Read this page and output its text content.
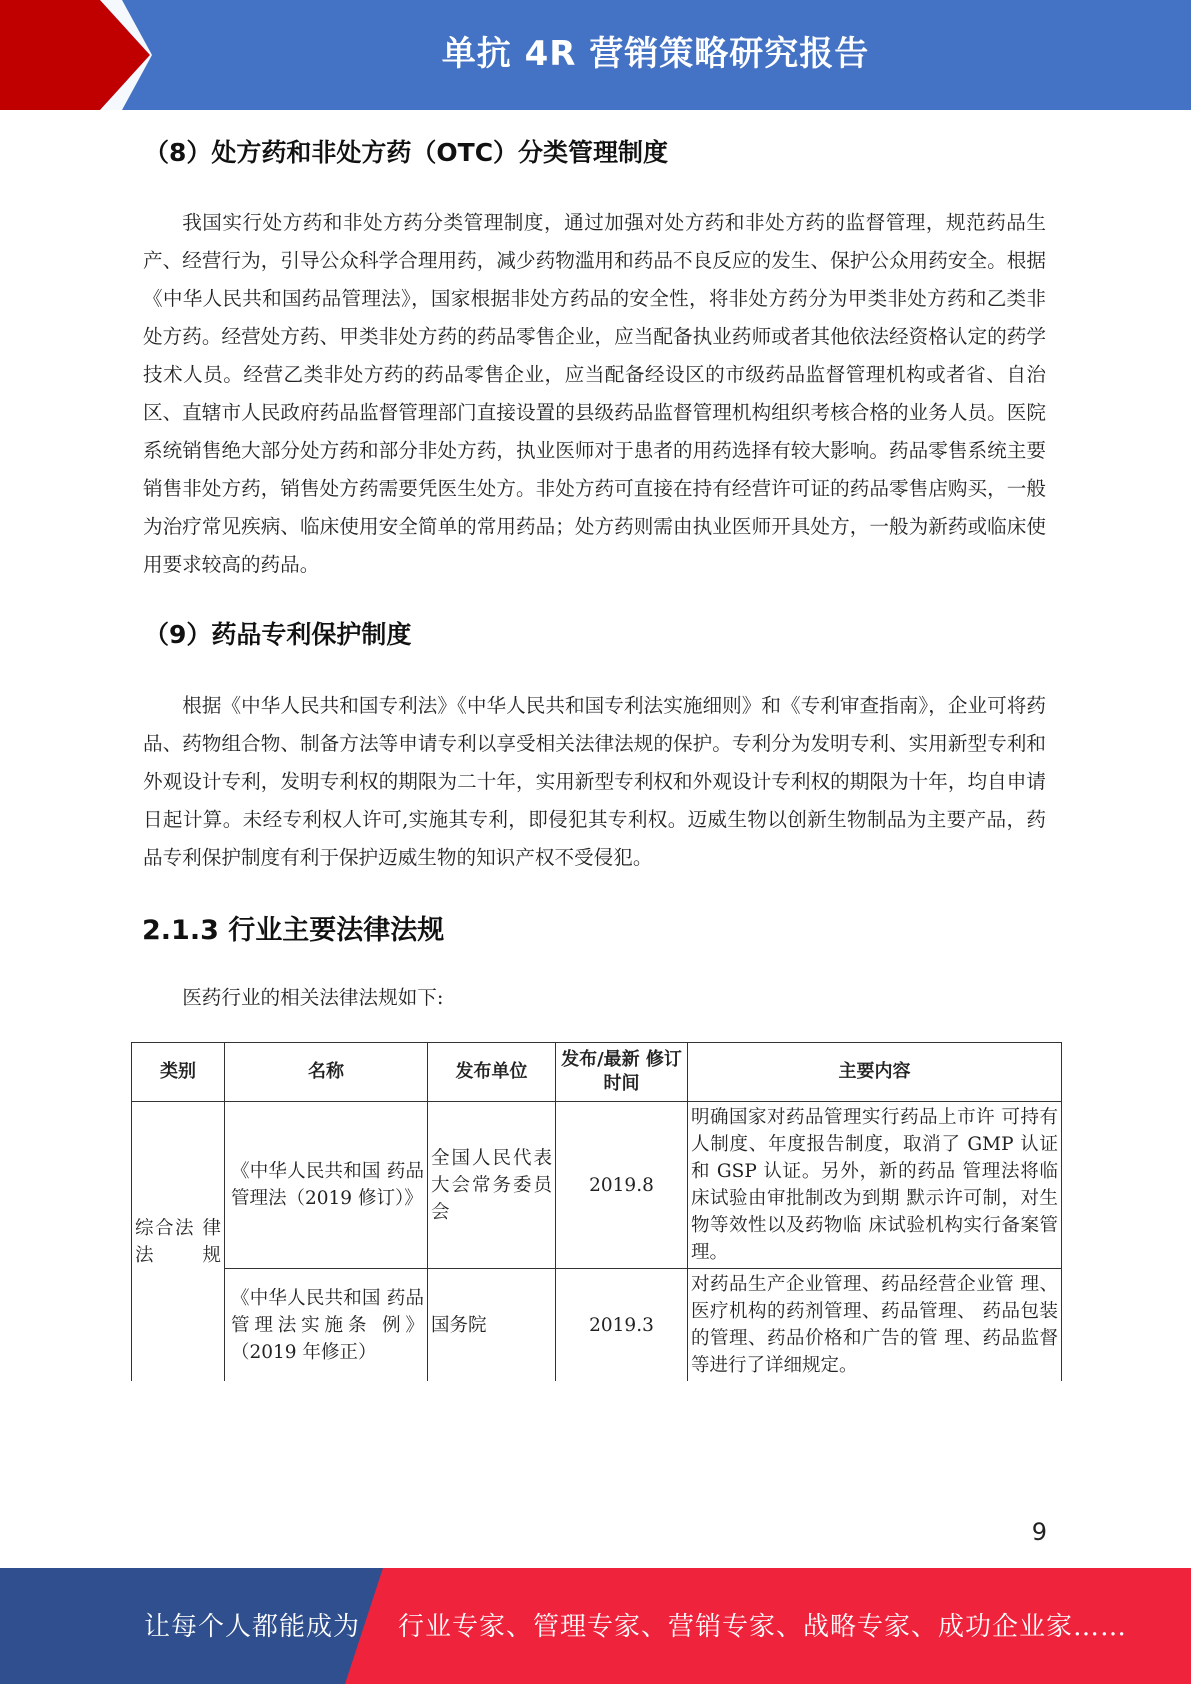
单抗 4R 营销策略研究报告
（8）处方药和非处方药（OTC）分类管理制度
我国实行处方药和非处方药分类管理制度，通过加强对处方药和非处方药的监督管理，规范药品生产、经营行为，引导公众科学合理用药，减少药物滥用和药品不良反应的发生、保护公众用药安全。根据《中华人民共和国药品管理法》，国家根据非处方药品的安全性，将非处方药分为甲类非处方药和乙类非处方药。经营处方药、甲类非处方药的药品零售企业，应当配备执业药师或者其他依法经资格认定的药学技术人员。经营乙类非处方药的药品零售企业，应当配备经设区的市级药品监督管理机构或者省、自治区、直辖市人民政府药品监督管理部门直接设置的县级药品监督管理机构组织考核合格的业务人员。医院系统销售绝大部分处方药和部分非处方药，执业医师对于患者的用药选择有较大影响。药品零售系统主要销售非处方药，销售处方药需要凭医生处方。非处方药可直接在持有经营许可证的药品零售店购买，一般为治疗常见疾病、临床使用安全简单的常用药品；处方药则需由执业医师开具处方，一般为新药或临床使用要求较高的药品。
（9）药品专利保护制度
根据《中华人民共和国专利法》《中华人民共和国专利法实施细则》和《专利审查指南》，企业可将药品、药物组合物、制备方法等申请专利以享受相关法律法规的保护。专利分为发明专利、实用新型专利和外观设计专利，发明专利权的期限为二十年，实用新型专利权和外观设计专利权的期限为十年，均自申请日起计算。未经专利权人许可,实施其专利，即侵犯其专利权。迈威生物以创新生物制品为主要产品，药品专利保护制度有利于保护迈威生物的知识产权不受侵犯。
2.1.3 行业主要法律法规
医药行业的相关法律法规如下:
类别	名称	发布单位	发布/最新 修订时间	主要内容
综合法 律法规	《中华人民共和国 药品管理法（2019 修订）》	全国人民代表大会常务委员会	2019.8	明确国家对药品管理实行药品上市许 可持有人制度、年度报告制度，取消了 GMP 认证和 GSP 认证。另外，新的药品 管理法将临床试验由审批制改为到期 默示许可制，对生物等效性以及药物临 床试验机构实行备案管理。
	《中华人民共和国 药品管理法实施条 例》（2019 年修正）	国务院	2019.3	对药品生产企业管理、药品经营企业管 理、医疗机构的药剂管理、药品管理、 药品包装的管理、药品价格和广告的管 理、药品监督等进行了详细规定。
9
让每个人都能成为 行业专家、管理专家、营销专家、战略专家、成功企业家……
